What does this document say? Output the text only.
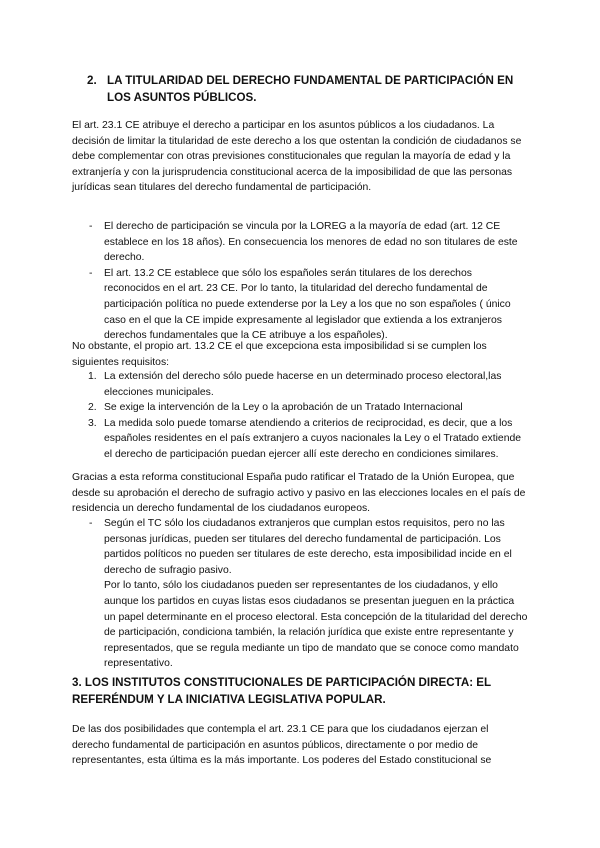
2. LA TITULARIDAD DEL DERECHO FUNDAMENTAL DE PARTICIPACIÓN EN LOS ASUNTOS PÚBLICOS.

El art. 23.1 CE atribuye el derecho a participar en los asuntos públicos a los ciudadanos. La decisión de limitar la titularidad de este derecho a los que ostentan la condición de ciudadanos se debe complementar con otras previsiones constitucionales que regulan la mayoría de edad y la extranjería y con la jurisprudencia constitucional acerca de la imposibilidad de que las personas jurídicas sean titulares del derecho fundamental de participación.

- El derecho de participación se vincula por la LOREG a la mayoría de edad (art. 12 CE establece en los 18 años). En consecuencia los menores de edad no son titulares de este derecho.
- El art. 13.2 CE establece que sólo los españoles serán titulares de los derechos reconocidos en el art. 23 CE. Por lo tanto, la titularidad del derecho fundamental de participación política no puede extenderse por la Ley a los que no son españoles ( único caso en el que la CE impide expresamente al legislador que extienda a los extranjeros derechos fundamentales que la CE atribuye a los españoles).

No obstante, el propio art. 13.2 CE el que excepciona esta imposibilidad si se cumplen los siguientes requisitos:

1. La extensión del derecho sólo puede hacerse en un determinado proceso electoral,las elecciones municipales.
2. Se exige la intervención de la Ley o la aprobación de un Tratado Internacional
3. La medida solo puede tomarse atendiendo a criterios de reciprocidad, es decir, que a los españoles residentes en el país extranjero a cuyos nacionales la Ley o el Tratado extiende el derecho de participación puedan ejercer allí este derecho en condiciones similares.

Gracias a esta reforma constitucional España pudo ratificar el Tratado de la Unión Europea, que desde su aprobación el derecho de sufragio activo y pasivo en las elecciones locales en el país de residencia un derecho fundamental de los ciudadanos europeos.

- Según el TC sólo los ciudadanos extranjeros que cumplan estos requisitos, pero no las personas jurídicas, pueden ser titulares del derecho fundamental de participación. Los partidos políticos no pueden ser titulares de este derecho, esta imposibilidad incide en el derecho de sufragio pasivo.
Por lo tanto, sólo los ciudadanos pueden ser representantes de los ciudadanos, y ello aunque los partidos en cuyas listas esos ciudadanos se presentan jueguen en la práctica un papel determinante en el proceso electoral. Esta concepción de la titularidad del derecho de participación, condiciona también, la relación jurídica que existe entre representante y representados, que se regula mediante un tipo de mandato que se conoce como mandato representativo.
3. LOS INSTITUTOS CONSTITUCIONALES DE PARTICIPACIÓN DIRECTA: EL REFERÉNDUM Y LA INICIATIVA LEGISLATIVA POPULAR.

De las dos posibilidades que contempla el art. 23.1 CE para que los ciudadanos ejerzan el derecho fundamental de participación en asuntos públicos, directamente o por medio de representantes, esta última es la más importante. Los poderes del Estado constitucional se
